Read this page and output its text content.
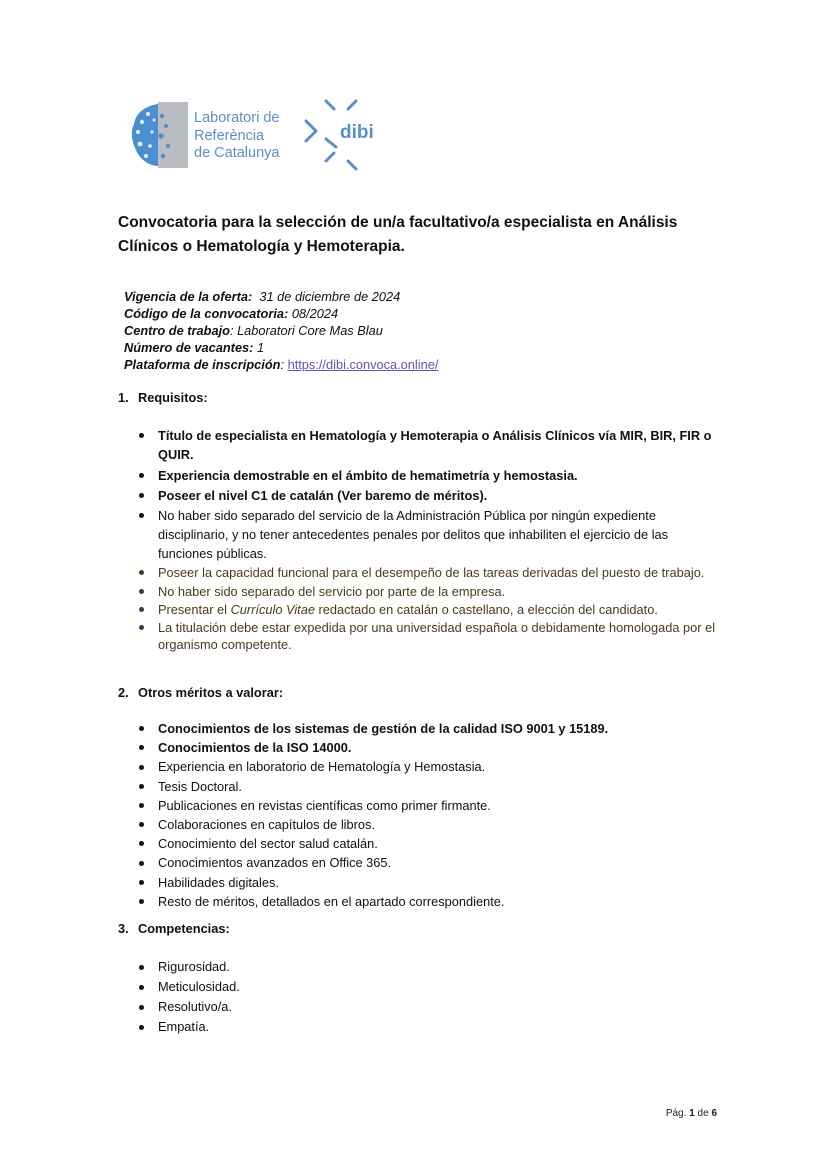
Laboratori de
Referència
de Catalunya
dibi
Convocatoria para la selección de un/a facultativo/a especialista en Análisis Clínicos o Hematología y Hemoterapia.
Vigencia de la oferta: 31 de diciembre de 2024
Código de la convocatoria: 08/2024
Centro de trabajo: Laboratori Core Mas Blau
Número de vacantes: 1
Plataforma de inscripción: https://dibi.convoca.online/
1. Requisitos:
Título de especialista en Hematología y Hemoterapia o Análisis Clínicos vía MIR, BIR, FIR o QUIR.
Experiencia demostrable en el ámbito de hematimetría y hemostasia.
Poseer el nivel C1 de catalán (Ver baremo de méritos).
No haber sido separado del servicio de la Administración Pública por ningún expediente disciplinario, y no tener antecedentes penales por delitos que inhabiliten el ejercicio de las funciones públicas.
Poseer la capacidad funcional para el desempeño de las tareas derivadas del puesto de trabajo.
No haber sido separado del servicio por parte de la empresa.
Presentar el Currículo Vitae redactado en catalán o castellano, a elección del candidato.
La titulación debe estar expedida por una universidad española o debidamente homologada por el organismo competente.
2. Otros méritos a valorar:
Conocimientos de los sistemas de gestión de la calidad ISO 9001 y 15189.
Conocimientos de la ISO 14000.
Experiencia en laboratorio de Hematología y Hemostasia.
Tesis Doctoral.
Publicaciones en revistas científicas como primer firmante.
Colaboraciones en capítulos de libros.
Conocimiento del sector salud catalán.
Conocimientos avanzados en Office 365.
Habilidades digitales.
Resto de méritos, detallados en el apartado correspondiente.
3. Competencias:
Rigurosidad.
Meticulosidad.
Resolutivo/a.
Empatía.
Pág. 1 de 6
